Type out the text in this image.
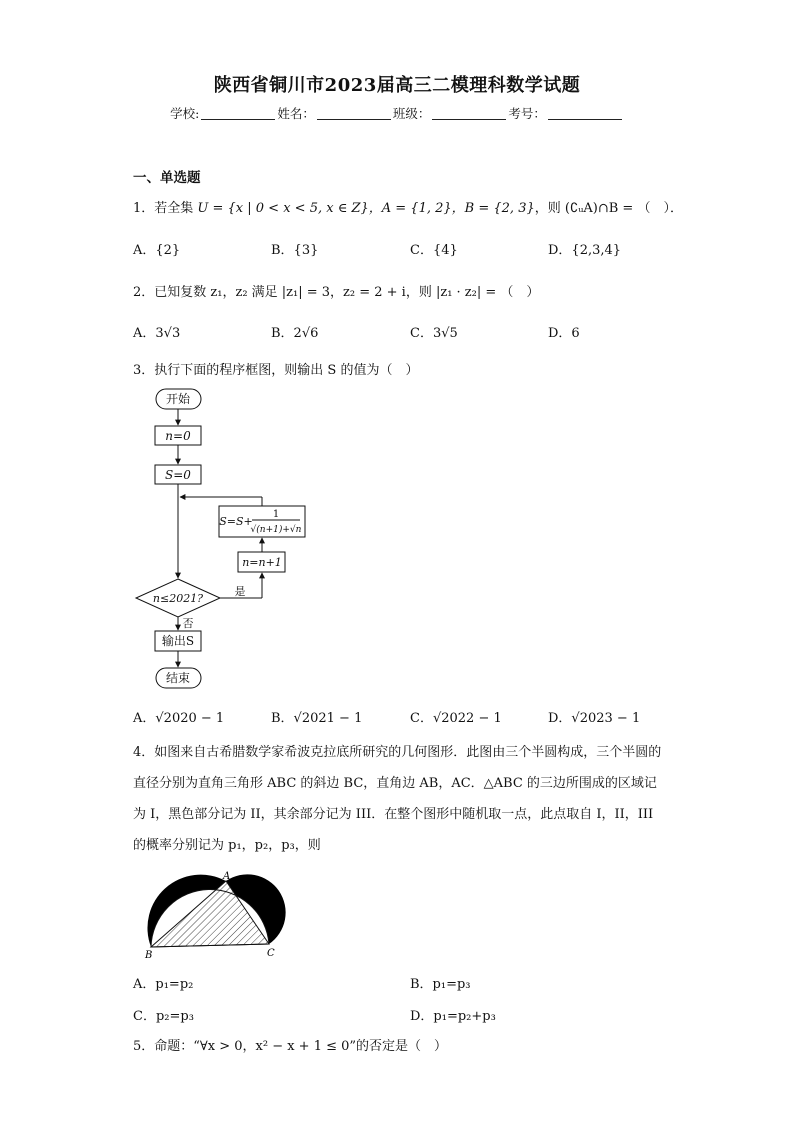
陕西省铜川市2023届高三二模理科数学试题
学校:	姓名：	班级：	考号：
一、单选题
1．若全集 U = {x | 0 < x < 5, x ∈ Z}，A = {1, 2}，B = {2, 3}，则 (∁ᵤA)∩B = （　）．
A．{2}	B．{3}	C．{4}	D．{2,3,4}
2．已知复数 z₁，z₂ 满足 |z₁| = 3，z₂ = 2 + i，则 |z₁ · z₂| = （　）
A．3√3	B．2√6	C．3√5	D．6
3．执行下面的程序框图，则输出 S 的值为（　）
开始
n=0
S=0
n≤2021?
是
否
n=n+1
S=S+
1
√(n+1)+√n
输出S
结束
A．√2020 − 1	B．√2021 − 1	C．√2022 − 1	D．√2023 − 1
4．如图来自古希腊数学家希波克拉底所研究的几何图形．此图由三个半圆构成，三个半圆的直径分别为直角三角形 ABC 的斜边 BC，直角边 AB，AC．△ABC 的三边所围成的区域记为 I，黑色部分记为 II，其余部分记为 III．在整个图形中随机取一点，此点取自 I，II，III 的概率分别记为 p₁，p₂，p₃，则
A
B	C
A．p₁=p₂	B．p₁=p₃
C．p₂=p₃	D．p₁=p₂+p₃
5．命题：“∀x > 0，x² − x + 1 ≤ 0”的否定是（　）
